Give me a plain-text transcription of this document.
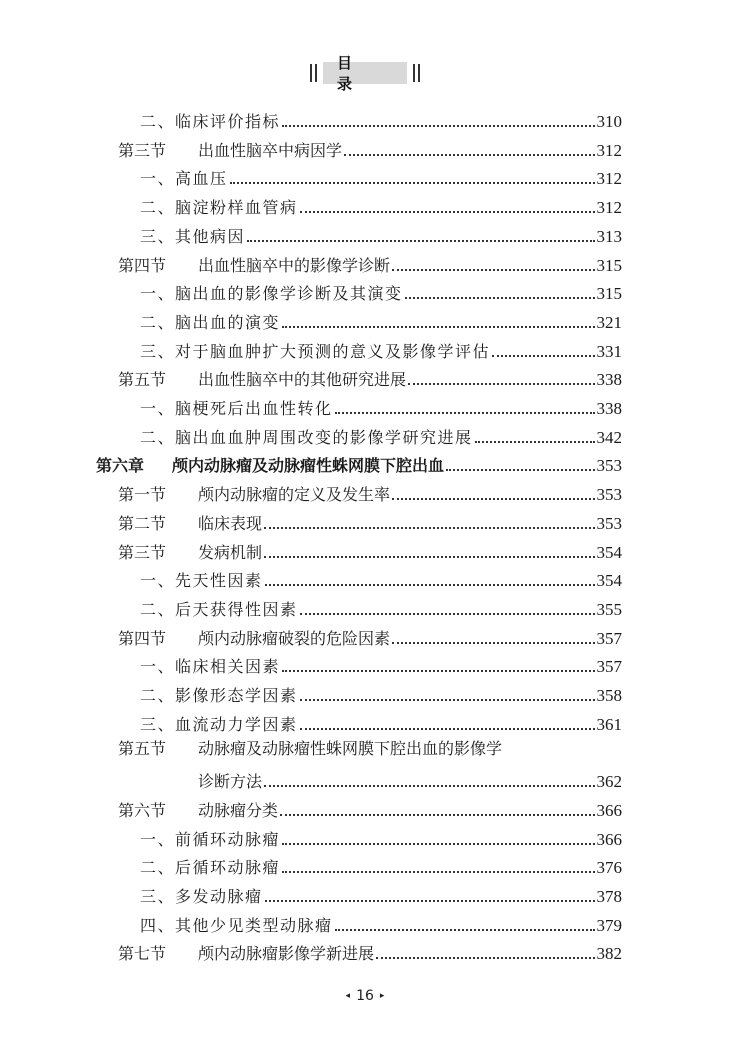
目 录
二、临床评价指标	310
第三节 出血性脑卒中病因学	312
一、高血压	312
二、脑淀粉样血管病	312
三、其他病因	313
第四节 出血性脑卒中的影像学诊断	315
一、脑出血的影像学诊断及其演变	315
二、脑出血的演变	321
三、对于脑血肿扩大预测的意义及影像学评估	331
第五节 出血性脑卒中的其他研究进展	338
一、脑梗死后出血性转化	338
二、脑出血血肿周围改变的影像学研究进展	342
第六章 颅内动脉瘤及动脉瘤性蛛网膜下腔出血	353
第一节 颅内动脉瘤的定义及发生率	353
第二节 临床表现	353
第三节 发病机制	354
一、先天性因素	354
二、后天获得性因素	355
第四节 颅内动脉瘤破裂的危险因素	357
一、临床相关因素	357
二、影像形态学因素	358
三、血流动力学因素	361
第五节 动脉瘤及动脉瘤性蛛网膜下腔出血的影像学
诊断方法	362
第六节 动脉瘤分类	366
一、前循环动脉瘤	366
二、后循环动脉瘤	376
三、多发动脉瘤	378
四、其他少见类型动脉瘤	379
第七节 颅内动脉瘤影像学新进展	382
◂ 16 ▸
